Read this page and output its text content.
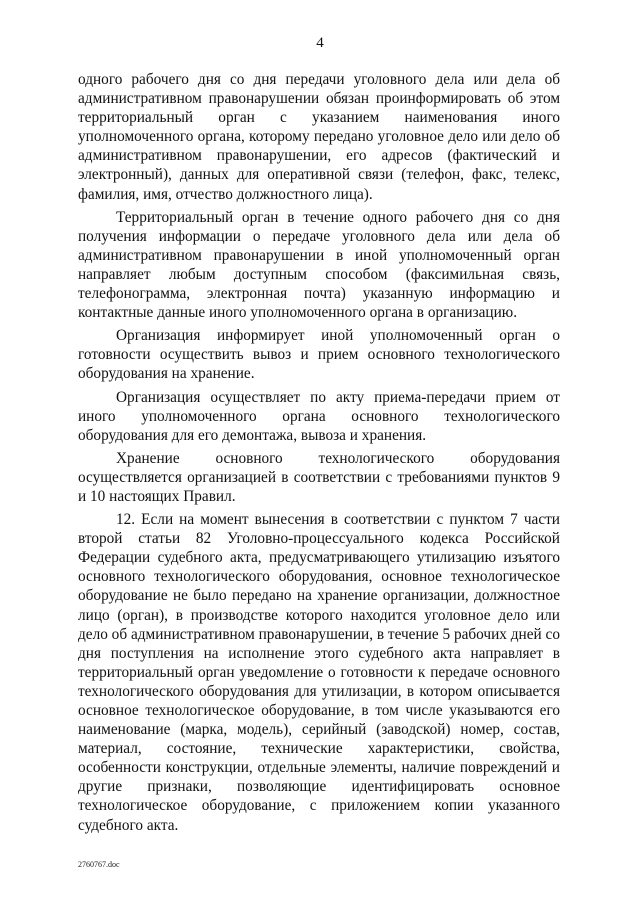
4

одного рабочего дня со дня передачи уголовного дела или дела об административном правонарушении обязан проинформировать об этом территориальный орган с указанием наименования иного уполномоченного органа, которому передано уголовное дело или дело об административном правонарушении, его адресов (фактический и электронный), данных для оперативной связи (телефон, факс, телекс, фамилия, имя, отчество должностного лица).

Территориальный орган в течение одного рабочего дня со дня получения информации о передаче уголовного дела или дела об административном правонарушении в иной уполномоченный орган направляет любым доступным способом (факсимильная связь, телефонограмма, электронная почта) указанную информацию и контактные данные иного уполномоченного органа в организацию.

Организация информирует иной уполномоченный орган о готовности осуществить вывоз и прием основного технологического оборудования на хранение.

Организация осуществляет по акту приема-передачи прием от иного уполномоченного органа основного технологического оборудования для его демонтажа, вывоза и хранения.

Хранение основного технологического оборудования осуществляется организацией в соответствии с требованиями пунктов 9 и 10 настоящих Правил.

12. Если на момент вынесения в соответствии с пунктом 7 части второй статьи 82 Уголовно-процессуального кодекса Российской Федерации судебного акта, предусматривающего утилизацию изъятого основного технологического оборудования, основное технологическое оборудование не было передано на хранение организации, должностное лицо (орган), в производстве которого находится уголовное дело или дело об административном правонарушении, в течение 5 рабочих дней со дня поступления на исполнение этого судебного акта направляет в территориальный орган уведомление о готовности к передаче основного технологического оборудования для утилизации, в котором описывается основное технологическое оборудование, в том числе указываются его наименование (марка, модель), серийный (заводской) номер, состав, материал, состояние, технические характеристики, свойства, особенности конструкции, отдельные элементы, наличие повреждений и другие признаки, позволяющие идентифицировать основное технологическое оборудование, с приложением копии указанного судебного акта.

2760767.doc
